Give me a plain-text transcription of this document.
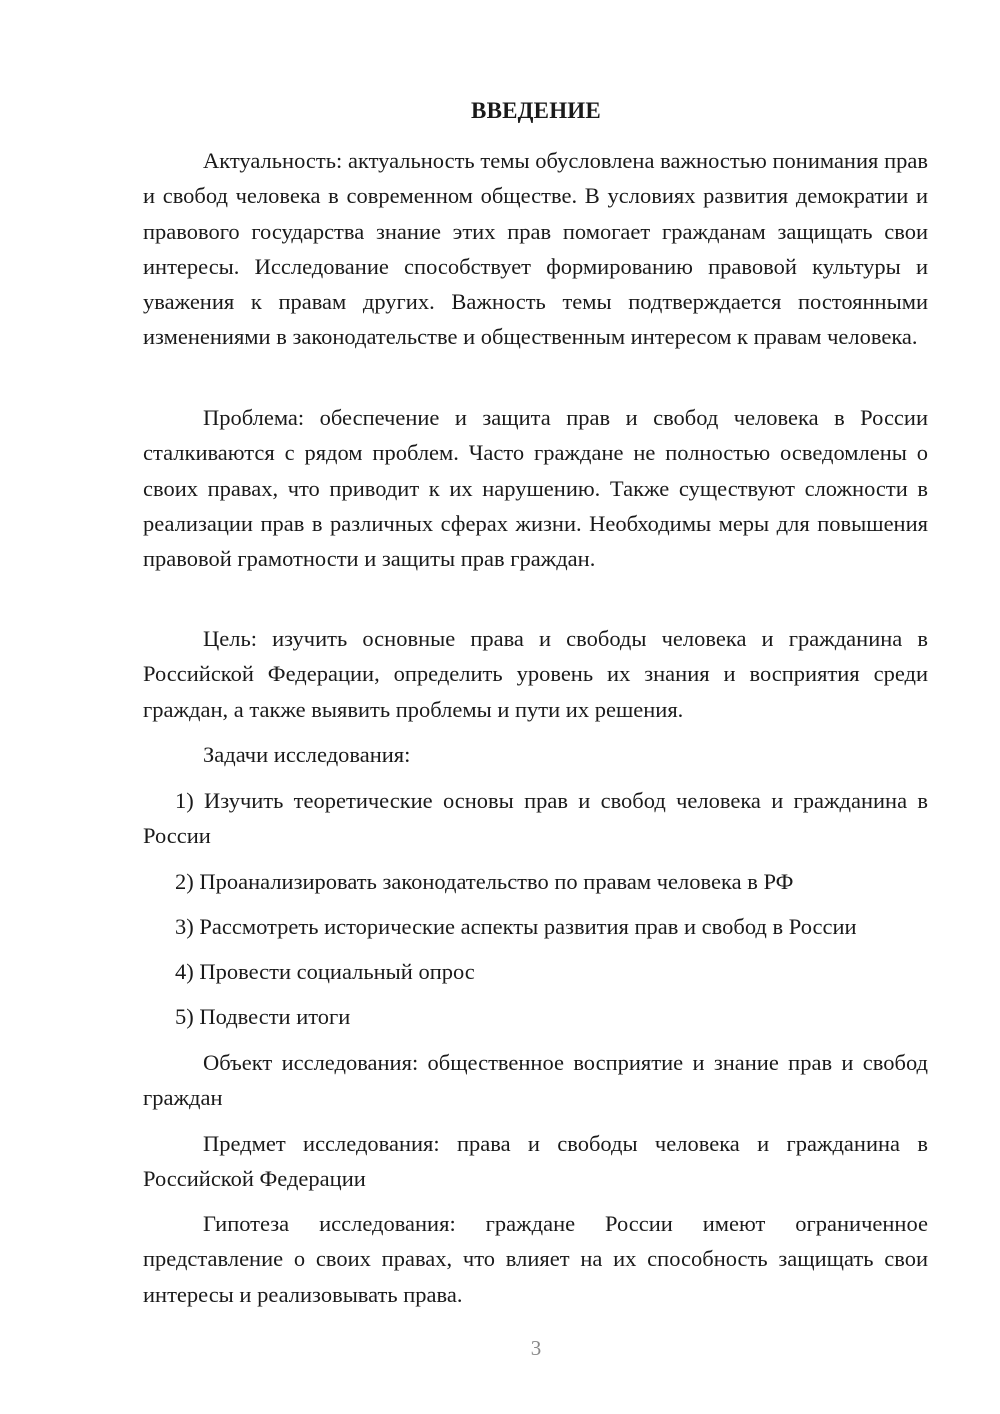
ВВЕДЕНИЕ

Актуальность: актуальность темы обусловлена важностью понимания прав и свобод человека в современном обществе. В условиях развития демократии и правового государства знание этих прав помогает гражданам защищать свои интересы. Исследование способствует формированию правовой культуры и уважения к правам других. Важность темы подтверждается постоянными изменениями в законодательстве и общественным интересом к правам человека.

Проблема: обеспечение и защита прав и свобод человека в России сталкиваются с рядом проблем. Часто граждане не полностью осведомлены о своих правах, что приводит к их нарушению. Также существуют сложности в реализации прав в различных сферах жизни. Необходимы меры для повышения правовой грамотности и защиты прав граждан.

Цель: изучить основные права и свободы человека и гражданина в Российской Федерации, определить уровень их знания и восприятия среди граждан, а также выявить проблемы и пути их решения.

Задачи исследования:

1) Изучить теоретические основы прав и свобод человека и гражданина в России

2) Проанализировать законодательство по правам человека в РФ

3) Рассмотреть исторические аспекты развития прав и свобод в России

4) Провести социальный опрос

5) Подвести итоги

Объект исследования: общественное восприятие и знание прав и свобод граждан

Предмет исследования: права и свободы человека и гражданина в Российской Федерации

Гипотеза исследования: граждане России имеют ограниченное представление о своих правах, что влияет на их способность защищать свои интересы и реализовывать права.

3
